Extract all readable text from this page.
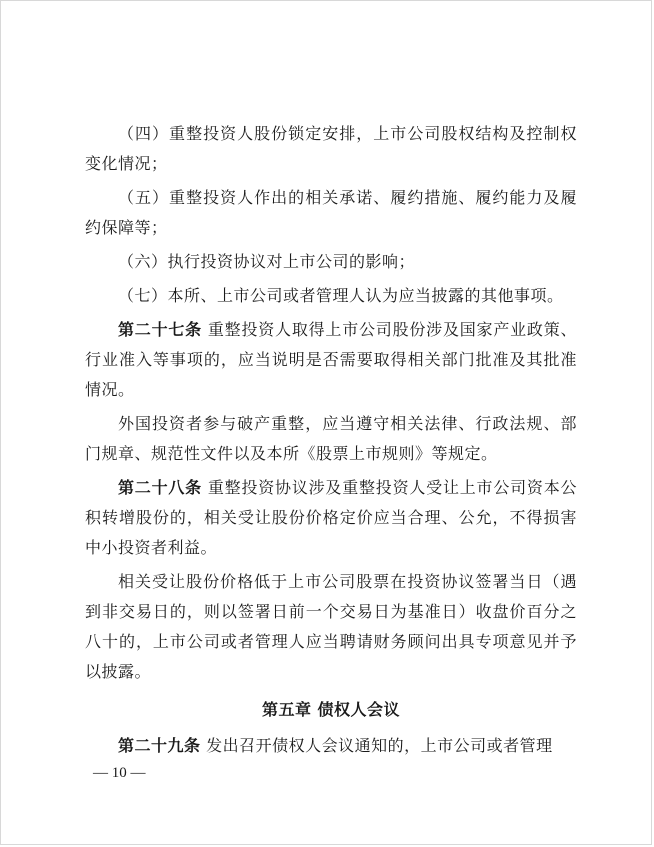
（四）重整投资人股份锁定安排，上市公司股权结构及控制权变化情况；

（五）重整投资人作出的相关承诺、履约措施、履约能力及履约保障等；

（六）执行投资协议对上市公司的影响；

（七）本所、上市公司或者管理人认为应当披露的其他事项。

第二十七条 重整投资人取得上市公司股份涉及国家产业政策、行业准入等事项的，应当说明是否需要取得相关部门批准及其批准情况。

外国投资者参与破产重整，应当遵守相关法律、行政法规、部门规章、规范性文件以及本所《股票上市规则》等规定。

第二十八条 重整投资协议涉及重整投资人受让上市公司资本公积转增股份的，相关受让股份价格定价应当合理、公允，不得损害中小投资者利益。

相关受让股份价格低于上市公司股票在投资协议签署当日（遇到非交易日的，则以签署日前一个交易日为基准日）收盘价百分之八十的，上市公司或者管理人应当聘请财务顾问出具专项意见并予以披露。

第五章 债权人会议

第二十九条 发出召开债权人会议通知的，上市公司或者管理

— 10 —
